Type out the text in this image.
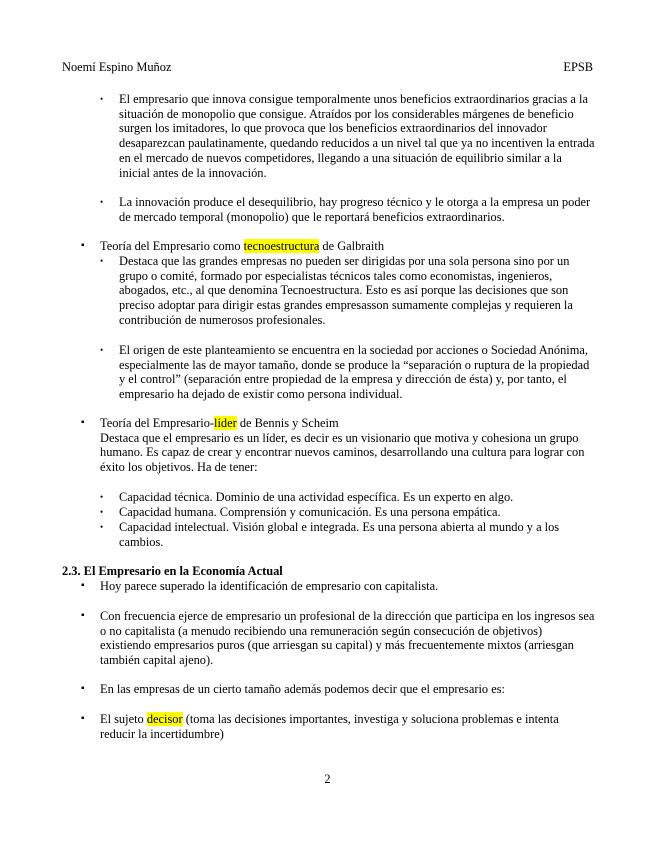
Noemí Espino Muñoz	EPSB
• El empresario que innova consigue temporalmente unos beneficios extraordinarios gracias a la situación de monopolio que consigue. Atraídos por los considerables márgenes de beneficio surgen los imitadores, lo que provoca que los beneficios extraordinarios del innovador desaparezcan paulatinamente, quedando reducidos a un nivel tal que ya no incentiven la entrada en el mercado de nuevos competidores, llegando a una situación de equilibrio similar a la inicial antes de la innovación.
• La innovación produce el desequilibrio, hay progreso técnico y le otorga a la empresa un poder de mercado temporal (monopolio) que le reportará beneficios extraordinarios.
▪ Teoría del Empresario como tecnoestructura de Galbraith
• Destaca que las grandes empresas no pueden ser dirigidas por una sola persona sino por un grupo o comité, formado por especialistas técnicos tales como economistas, ingenieros, abogados, etc., al que denomina Tecnoestructura. Esto es así porque las decisiones que son preciso adoptar para dirigir estas grandes empresasson sumamente complejas y requieren la contribución de numerosos profesionales.
• El origen de este planteamiento se encuentra en la sociedad por acciones o Sociedad Anónima, especialmente las de mayor tamaño, donde se produce la “separación o ruptura de la propiedad y el control” (separación entre propiedad de la empresa y dirección de ésta) y, por tanto, el empresario ha dejado de existir como persona individual.
▪ Teoría del Empresario-líder de Bennis y Scheim
Destaca que el empresario es un líder, es decir es un visionario que motiva y cohesiona un grupo humano. Es capaz de crear y encontrar nuevos caminos, desarrollando una cultura para lograr con éxito los objetivos. Ha de tener:
• Capacidad técnica. Dominio de una actividad específica. Es un experto en algo.
• Capacidad humana. Comprensión y comunicación. Es una persona empática.
• Capacidad intelectual. Visión global e integrada. Es una persona abierta al mundo y a los cambios.
2.3. El Empresario en la Economía Actual
▪ Hoy parece superado la identificación de empresario con capitalista.
▪ Con frecuencia ejerce de empresario un profesional de la dirección que participa en los ingresos sea o no capitalista (a menudo recibiendo una remuneración según consecución de objetivos) existiendo empresarios puros (que arriesgan su capital) y más frecuentemente mixtos (arriesgan también capital ajeno).
▪ En las empresas de un cierto tamaño además podemos decir que el empresario es:
▪ El sujeto decisor (toma las decisiones importantes, investiga y soluciona problemas e intenta reducir la incertidumbre)
2
